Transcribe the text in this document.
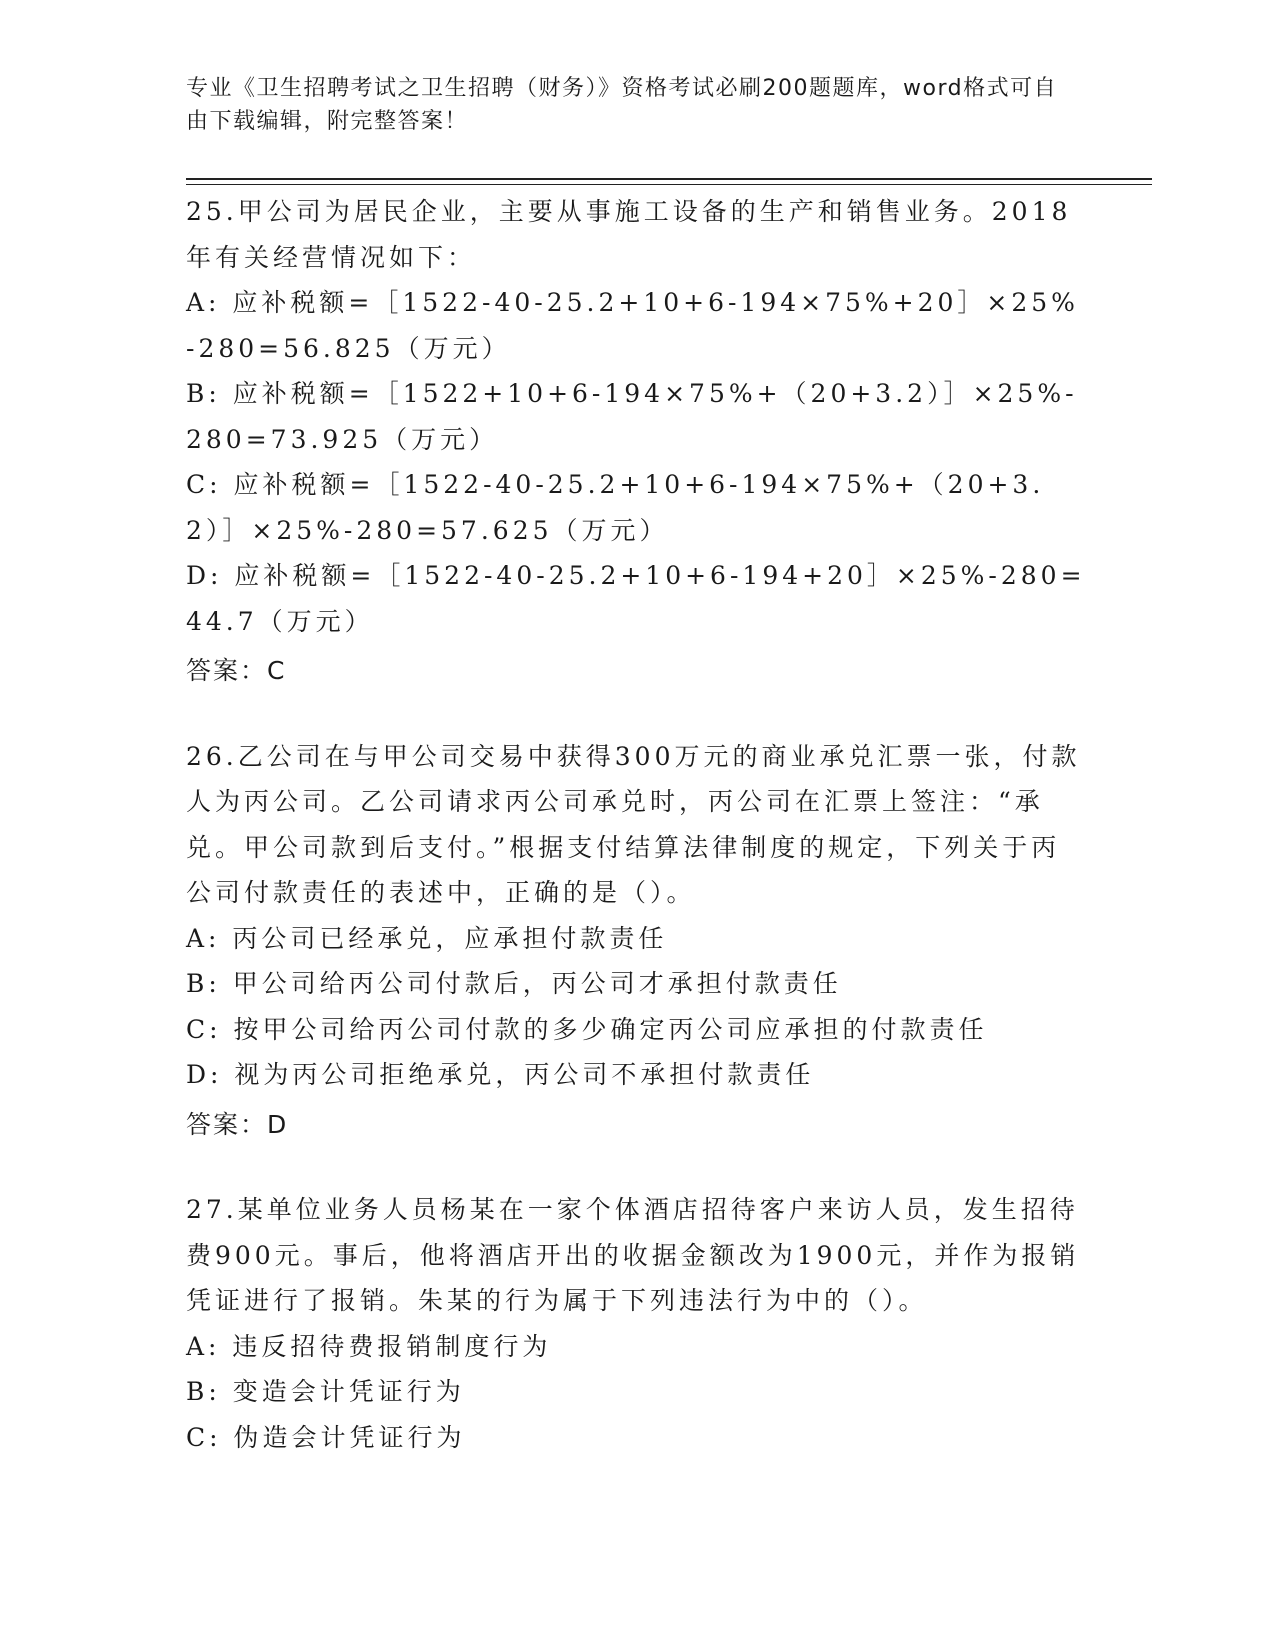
专业《卫生招聘考试之卫生招聘（财务）》资格考试必刷200题题库，word格式可自由下载编辑，附完整答案！

25.甲公司为居民企业，主要从事施工设备的生产和销售业务。2018年有关经营情况如下：

A: 应补税额=［1522-40-25.2+10+6-194×75%+20］×25%-280=56.825（万元）

B: 应补税额=［1522+10+6-194×75%+（20+3.2）］×25%-280=73.925（万元）

C: 应补税额=［1522-40-25.2+10+6-194×75%+（20+3.2）］×25%-280=57.625（万元）

D: 应补税额=［1522-40-25.2+10+6-194+20］×25%-280=44.7（万元）

答案：C

26.乙公司在与甲公司交易中获得300万元的商业承兑汇票一张，付款人为丙公司。乙公司请求丙公司承兑时，丙公司在汇票上签注：“承兑。甲公司款到后支付。”根据支付结算法律制度的规定，下列关于丙公司付款责任的表述中，正确的是（）。

A: 丙公司已经承兑，应承担付款责任

B: 甲公司给丙公司付款后，丙公司才承担付款责任

C: 按甲公司给丙公司付款的多少确定丙公司应承担的付款责任

D: 视为丙公司拒绝承兑，丙公司不承担付款责任

答案：D

27.某单位业务人员杨某在一家个体酒店招待客户来访人员，发生招待费900元。事后，他将酒店开出的收据金额改为1900元，并作为报销凭证进行了报销。朱某的行为属于下列违法行为中的（）。

A: 违反招待费报销制度行为

B: 变造会计凭证行为

C: 伪造会计凭证行为
